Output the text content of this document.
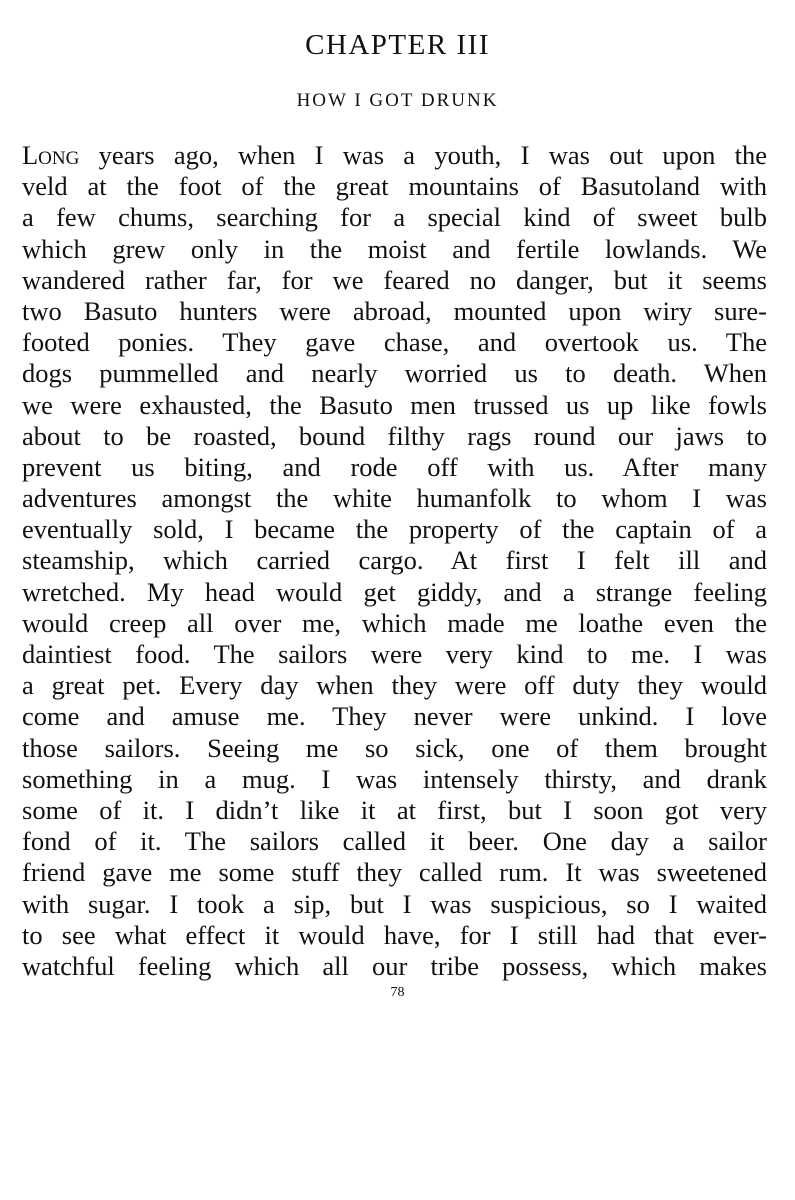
CHAPTER III
HOW I GOT DRUNK
Long years ago, when I was a youth, I was out upon the
veld at the foot of the great mountains of Basutoland with
a few chums, searching for a special kind of sweet bulb
which grew only in the moist and fertile lowlands. We
wandered rather far, for we feared no danger, but it seems
two Basuto hunters were abroad, mounted upon wiry sure-
footed ponies. They gave chase, and overtook us. The
dogs pummelled and nearly worried us to death. When
we were exhausted, the Basuto men trussed us up like fowls
about to be roasted, bound filthy rags round our jaws to
prevent us biting, and rode off with us. After many
adventures amongst the white humanfolk to whom I was
eventually sold, I became the property of the captain of a
steamship, which carried cargo. At first I felt ill and
wretched. My head would get giddy, and a strange feeling
would creep all over me, which made me loathe even the
daintiest food. The sailors were very kind to me. I was
a great pet. Every day when they were off duty they would
come and amuse me. They never were unkind. I love
those sailors. Seeing me so sick, one of them brought
something in a mug. I was intensely thirsty, and drank
some of it. I didn’t like it at first, but I soon got very
fond of it. The sailors called it beer. One day a sailor
friend gave me some stuff they called rum. It was sweetened
with sugar. I took a sip, but I was suspicious, so I waited
to see what effect it would have, for I still had that ever-
watchful feeling which all our tribe possess, which makes
78
